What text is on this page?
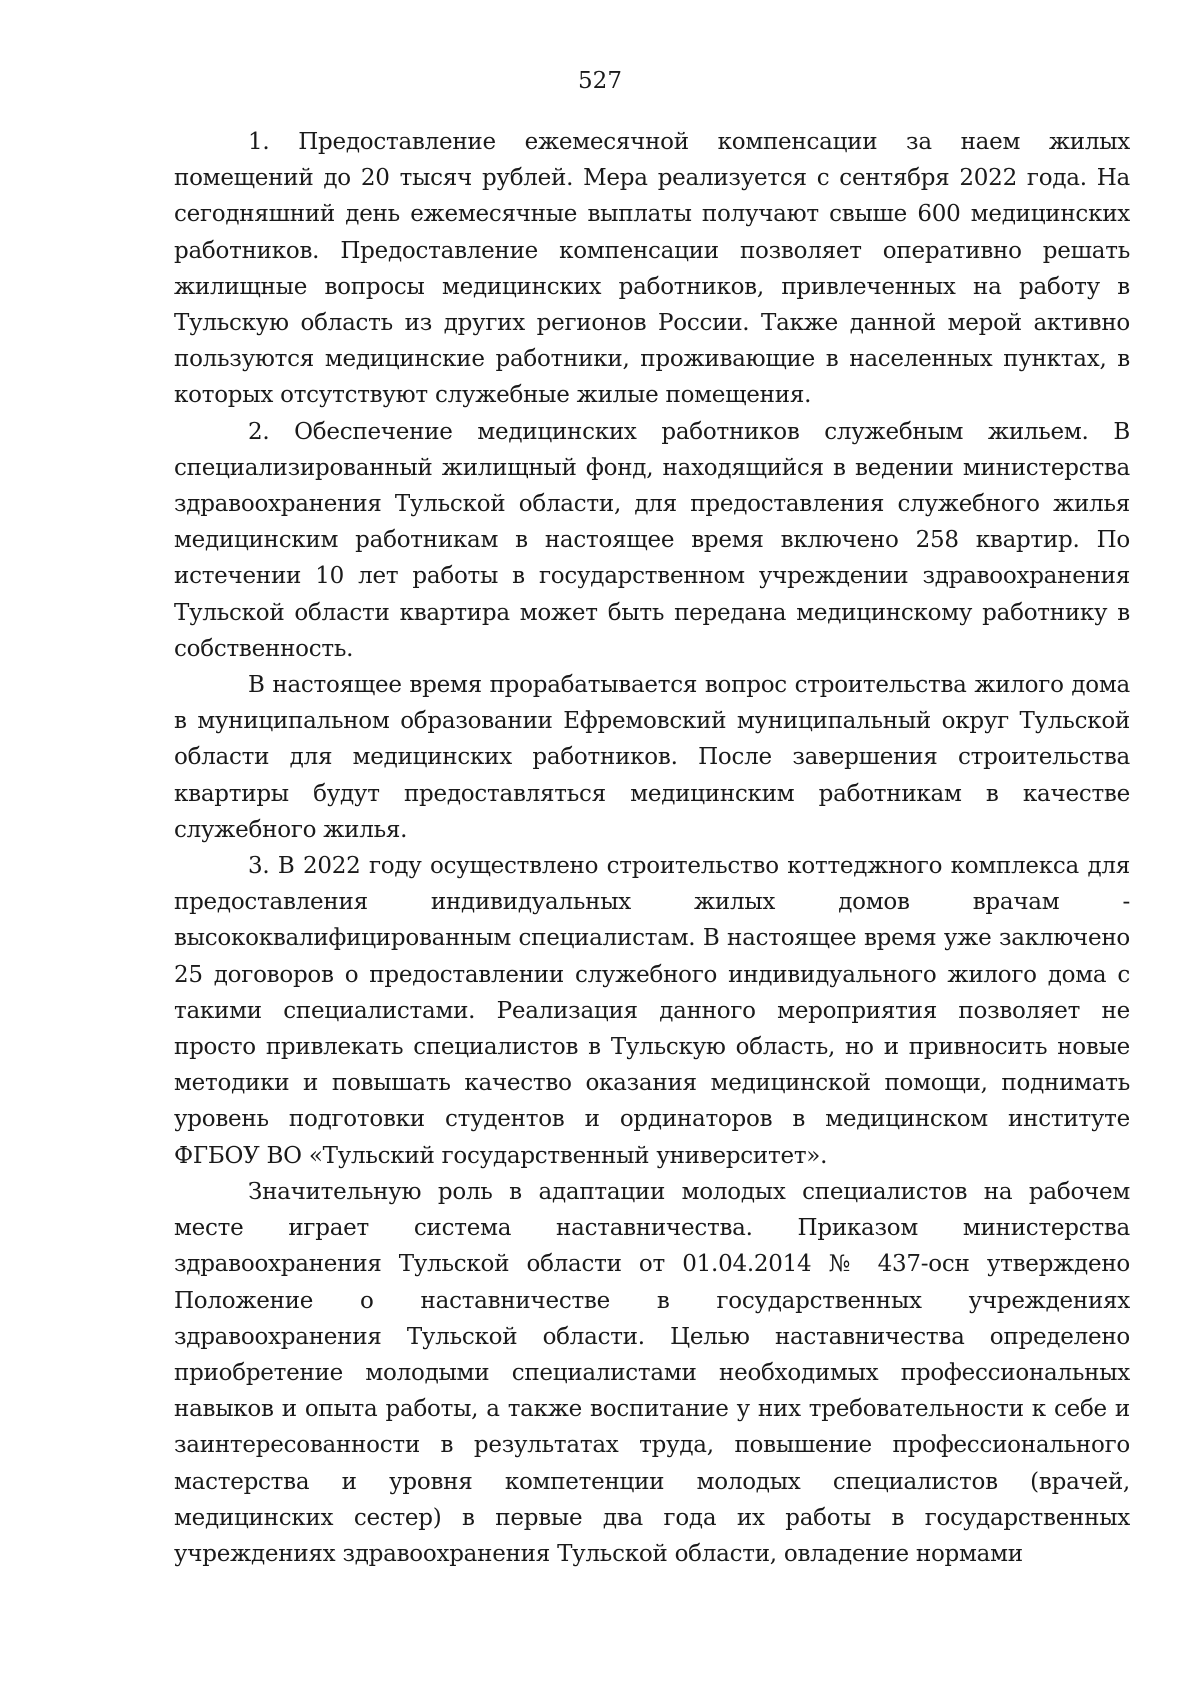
527

1. Предоставление ежемесячной компенсации за наем жилых помещений до 20 тысяч рублей. Мера реализуется с сентября 2022 года. На сегодняшний день ежемесячные выплаты получают свыше 600 медицинских работников. Предоставление компенсации позволяет оперативно решать жилищные вопросы медицинских работников, привлеченных на работу в Тульскую область из других регионов России. Также данной мерой активно пользуются медицинские работники, проживающие в населенных пунктах, в которых отсутствуют служебные жилые помещения.

2. Обеспечение медицинских работников служебным жильем. В специализированный жилищный фонд, находящийся в ведении министерства здравоохранения Тульской области, для предоставления служебного жилья медицинским работникам в настоящее время включено 258 квартир. По истечении 10 лет работы в государственном учреждении здравоохранения Тульской области квартира может быть передана медицинскому работнику в собственность.

В настоящее время прорабатывается вопрос строительства жилого дома в муниципальном образовании Ефремовский муниципальный округ Тульской области для медицинских работников. После завершения строительства квартиры будут предоставляться медицинским работникам в качестве служебного жилья.

3. В 2022 году осуществлено строительство коттеджного комплекса для предоставления индивидуальных жилых домов врачам - высококвалифицированным специалистам. В настоящее время уже заключено 25 договоров о предоставлении служебного индивидуального жилого дома с такими специалистами. Реализация данного мероприятия позволяет не просто привлекать специалистов в Тульскую область, но и привносить новые методики и повышать качество оказания медицинской помощи, поднимать уровень подготовки студентов и ординаторов в медицинском институте ФГБОУ ВО «Тульский государственный университет».

Значительную роль в адаптации молодых специалистов на рабочем месте играет система наставничества. Приказом министерства здравоохранения Тульской области от 01.04.2014 № 437-осн утверждено Положение о наставничестве в государственных учреждениях здравоохранения Тульской области. Целью наставничества определено приобретение молодыми специалистами необходимых профессиональных навыков и опыта работы, а также воспитание у них требовательности к себе и заинтересованности в результатах труда, повышение профессионального мастерства и уровня компетенции молодых специалистов (врачей, медицинских сестер) в первые два года их работы в государственных учреждениях здравоохранения Тульской области, овладение нормами
